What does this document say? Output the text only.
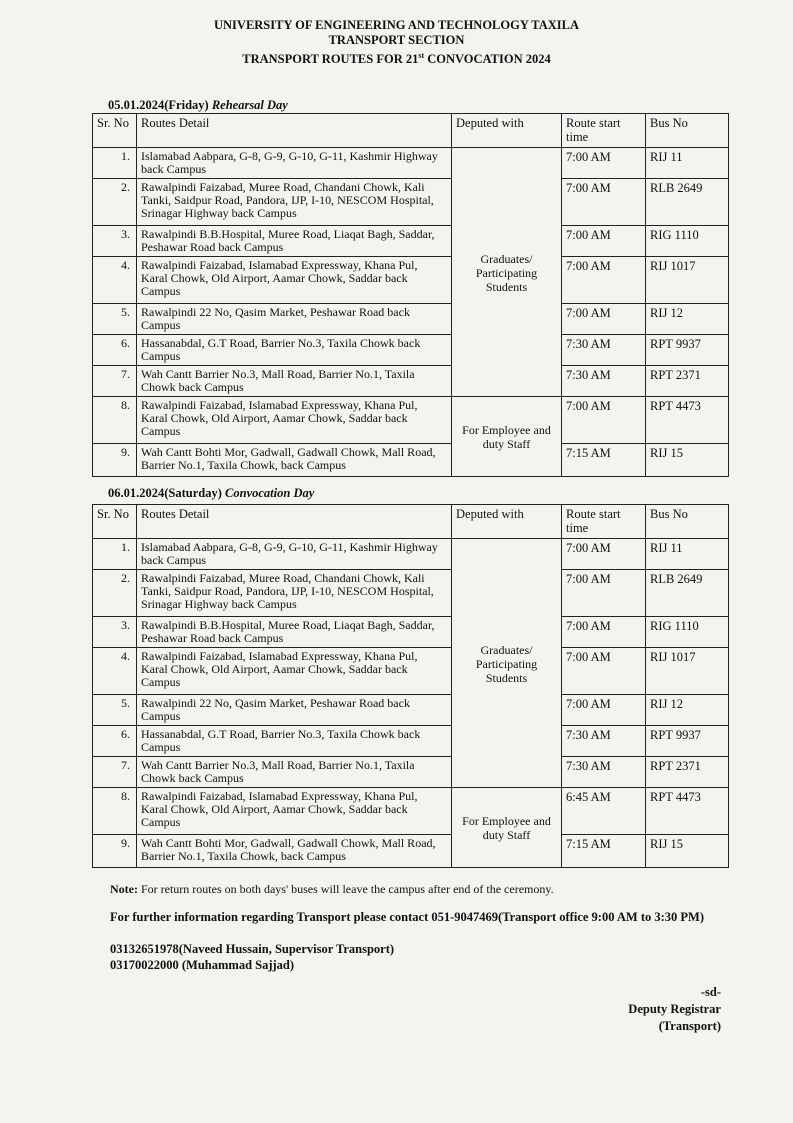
UNIVERSITY OF ENGINEERING AND TECHNOLOGY TAXILA
TRANSPORT SECTION
TRANSPORT ROUTES FOR 21st CONVOCATION 2024
05.01.2024(Friday) Rehearsal Day
Sr. No	Routes Detail	Deputed with	Route start time	Bus No
1.	Islamabad Aabpara, G-8, G-9, G-10, G-11, Kashmir Highway back Campus	Graduates/ Participating Students	7:00 AM	RIJ 11
2.	Rawalpindi Faizabad, Muree Road, Chandani Chowk, Kali Tanki, Saidpur Road, Pandora, IJP, I-10, NESCOM Hospital, Srinagar Highway back Campus		7:00 AM	RLB 2649
3.	Rawalpindi B.B.Hospital, Muree Road, Liaqat Bagh, Saddar, Peshawar Road back Campus		7:00 AM	RIG 1110
4.	Rawalpindi Faizabad, Islamabad Expressway, Khana Pul, Karal Chowk, Old Airport, Aamar Chowk, Saddar back Campus		7:00 AM	RIJ 1017
5.	Rawalpindi 22 No, Qasim Market, Peshawar Road back Campus		7:00 AM	RIJ 12
6.	Hassanabdal, G.T Road, Barrier No.3, Taxila Chowk back Campus		7:30 AM	RPT 9937
7.	Wah Cantt Barrier No.3, Mall Road, Barrier No.1, Taxila Chowk back Campus		7:30 AM	RPT 2371
8.	Rawalpindi Faizabad, Islamabad Expressway, Khana Pul, Karal Chowk, Old Airport, Aamar Chowk, Saddar back Campus	For Employee and duty Staff	7:00 AM	RPT 4473
9.	Wah Cantt Bohti Mor, Gadwall, Gadwall Chowk, Mall Road, Barrier No.1, Taxila Chowk, back Campus		7:15 AM	RIJ 15
06.01.2024(Saturday) Convocation Day
Sr. No	Routes Detail	Deputed with	Route start time	Bus No
1.	Islamabad Aabpara, G-8, G-9, G-10, G-11, Kashmir Highway back Campus	Graduates/ Participating Students	7:00 AM	RIJ 11
2.	Rawalpindi Faizabad, Muree Road, Chandani Chowk, Kali Tanki, Saidpur Road, Pandora, IJP, I-10, NESCOM Hospital, Srinagar Highway back Campus		7:00 AM	RLB 2649
3.	Rawalpindi B.B.Hospital, Muree Road, Liaqat Bagh, Saddar, Peshawar Road back Campus		7:00 AM	RIG 1110
4.	Rawalpindi Faizabad, Islamabad Expressway, Khana Pul, Karal Chowk, Old Airport, Aamar Chowk, Saddar back Campus		7:00 AM	RIJ 1017
5.	Rawalpindi 22 No, Qasim Market, Peshawar Road back Campus		7:00 AM	RIJ 12
6.	Hassanabdal, G.T Road, Barrier No.3, Taxila Chowk back Campus		7:30 AM	RPT 9937
7.	Wah Cantt Barrier No.3, Mall Road, Barrier No.1, Taxila Chowk back Campus		7:30 AM	RPT 2371
8.	Rawalpindi Faizabad, Islamabad Expressway, Khana Pul, Karal Chowk, Old Airport, Aamar Chowk, Saddar back Campus	For Employee and duty Staff	6:45 AM	RPT 4473
9.	Wah Cantt Bohti Mor, Gadwall, Gadwall Chowk, Mall Road, Barrier No.1, Taxila Chowk, back Campus		7:15 AM	RIJ 15
Note: For return routes on both days' buses will leave the campus after end of the ceremony.
For further information regarding Transport please contact 051-9047469(Transport office 9:00 AM to 3:30 PM)
03132651978(Naveed Hussain, Supervisor Transport)
03170022000 (Muhammad Sajjad)
-sd-
Deputy Registrar
(Transport)
